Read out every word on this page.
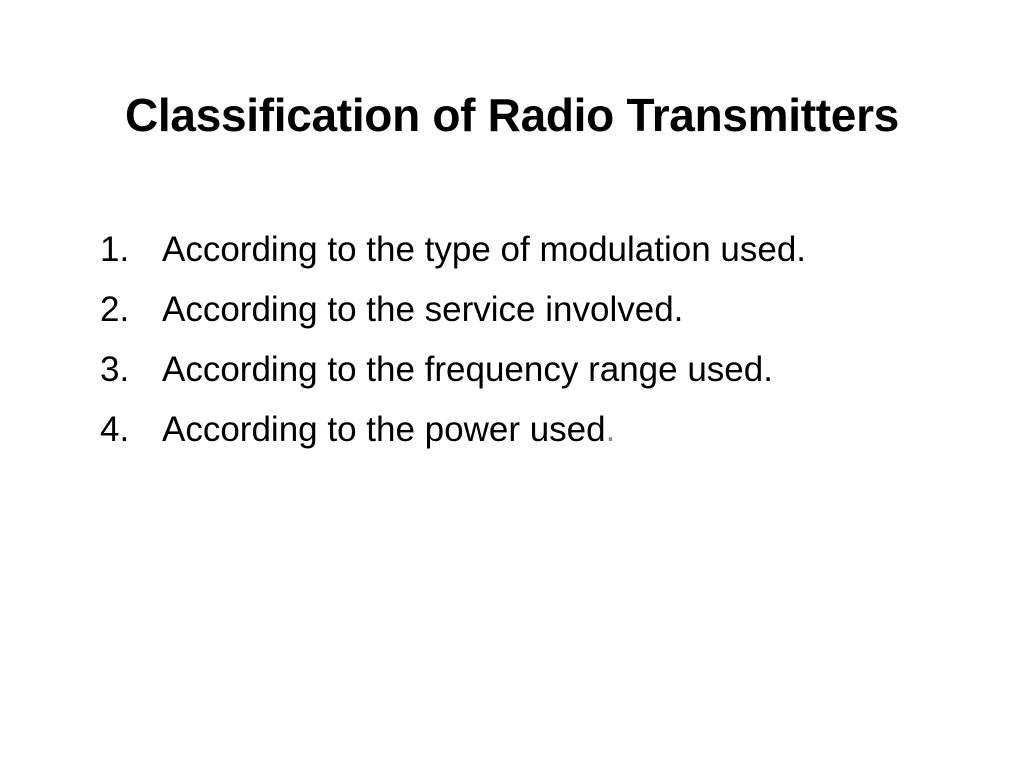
Classification of Radio Transmitters
1. According to the type of modulation used.
2. According to the service involved.
3. According to the frequency range used.
4. According to the power used.
